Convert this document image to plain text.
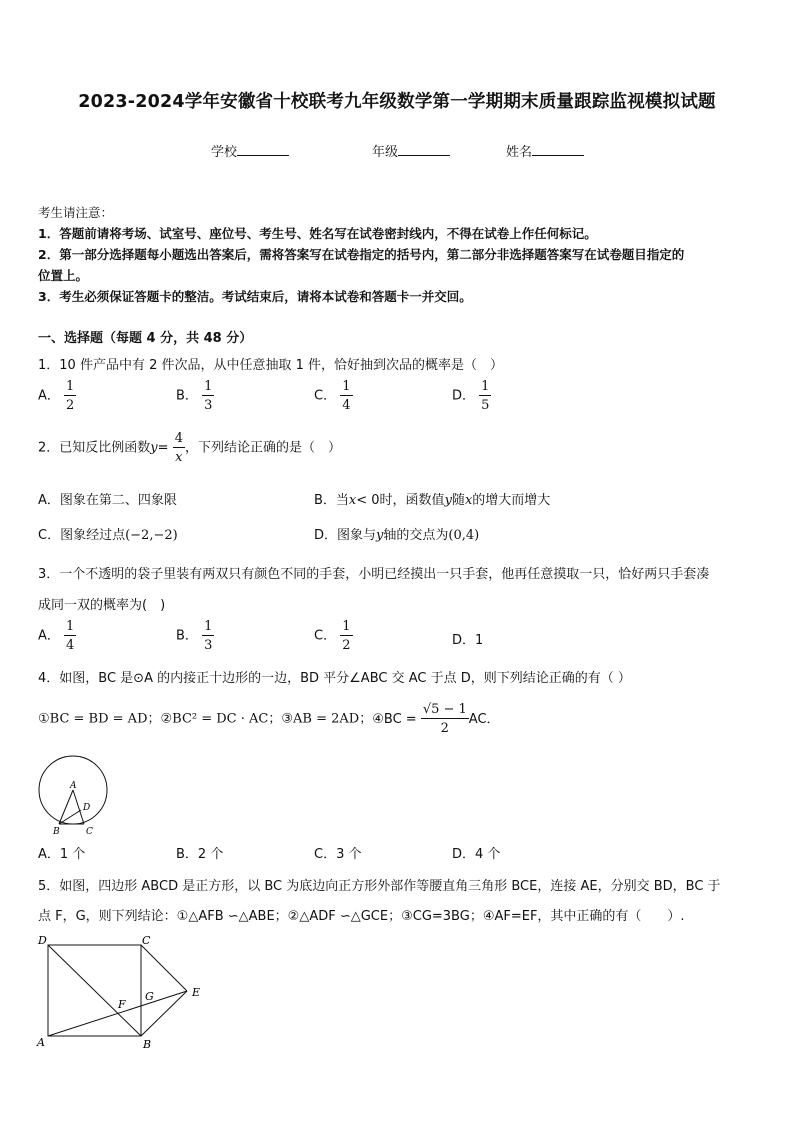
2023-2024学年安徽省十校联考九年级数学第一学期期末质量跟踪监视模拟试题
学校	年级	姓名
考生请注意：
1．答题前请将考场、试室号、座位号、考生号、姓名写在试卷密封线内，不得在试卷上作任何标记。
2．第一部分选择题每小题选出答案后，需将答案写在试卷指定的括号内，第二部分非选择题答案写在试卷题目指定的
位置上。
3．考生必须保证答题卡的整洁。考试结束后，请将本试卷和答题卡一并交回。
一、选择题（每题 4 分，共 48 分）
1．10 件产品中有 2 件次品，从中任意抽取 1 件，恰好抽到次品的概率是（　）
A． $\frac{1}{2}$	B． $\frac{1}{3}$	C． $\frac{1}{4}$	D． $\frac{1}{5}$
2．已知反比例函数$y= \frac{4}{x}$ ，下列结论正确的是（　）
A．图象在第二、四象限	B．当x< 0时，函数值y随x的增大而增大
C．图象经过点(−2,−2)	D．图象与y轴的交点为(0,4)
3．一个不透明的袋子里装有两双只有颜色不同的手套，小明已经摸出一只手套，他再任意摸取一只，恰好两只手套凑
成同一双的概率为(　)
A． $\frac{1}{4}$	B． $\frac{1}{3}$	C． $\frac{1}{2}$	D．1
4．如图，BC 是⊙A 的内接正十边形的一边，BD 平分∠ABC 交 AC 于点 D，则下列结论正确的有（ ）
①BC = BD = AD；②BC² = DC · AC；③AB = 2AD；④BC = $\frac{√5 - 1}{2}$ AC．
A
B	C
D
A．1 个	B．2 个	C．3 个	D．4 个
5．如图，四边形 ABCD 是正方形，以 BC 为底边向正方形外部作等腰直角三角形 BCE，连接 AE，分别交 BD，BC 于
点 F，G，则下列结论：①△AFB ∽△ABE；②△ADF ∽△GCE；③CG=3BG；④AF=EF，其中正确的有（　　）.
D	C
A	B
E
F
G
